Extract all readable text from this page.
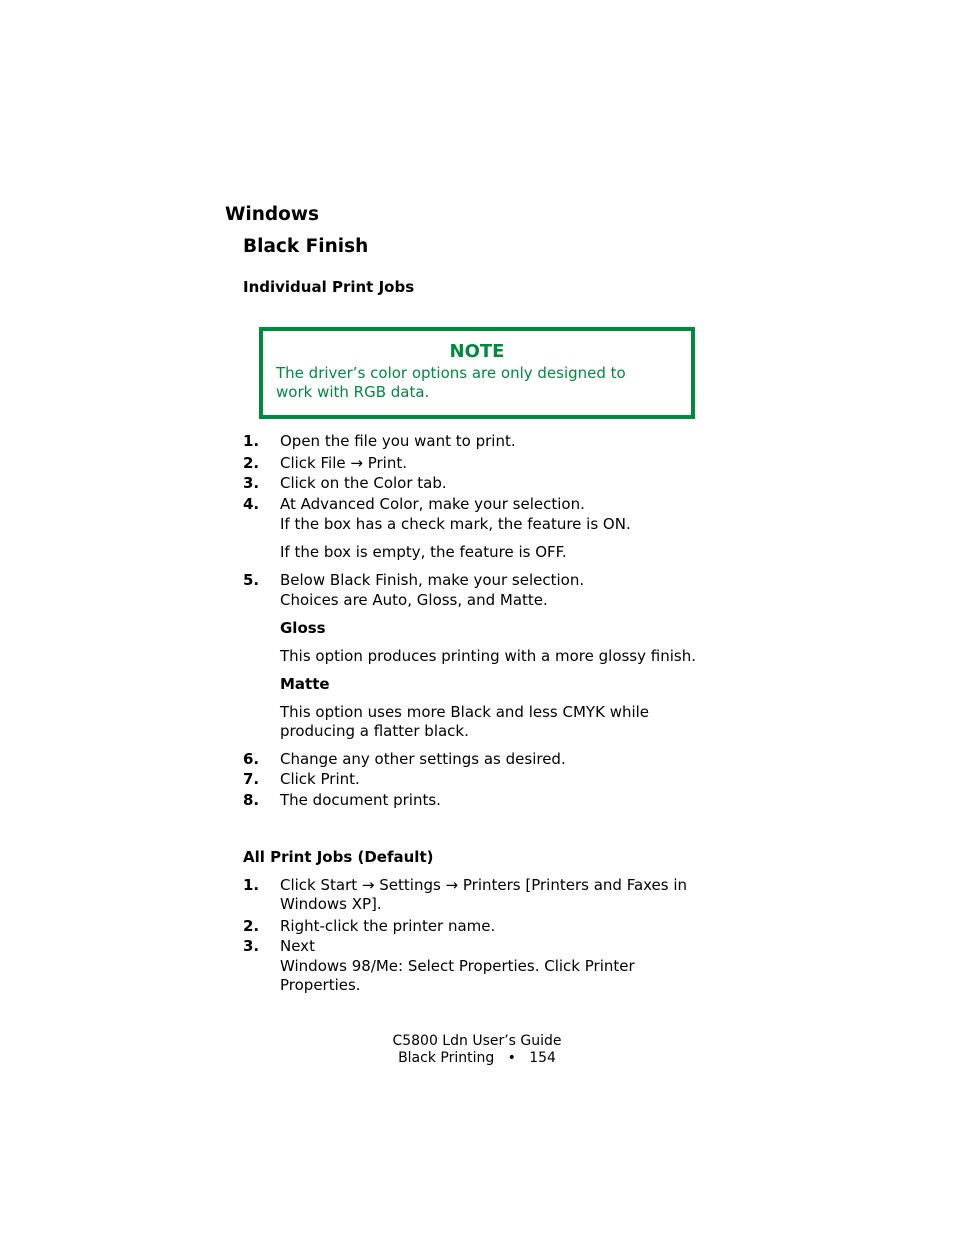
Windows
Black Finish
Individual Print Jobs
NOTE
The driver’s color options are only designed to
work with RGB data.
1. Open the file you want to print.
2. Click File → Print.
3. Click on the Color tab.
4. At Advanced Color, make your selection.
If the box has a check mark, the feature is ON.
If the box is empty, the feature is OFF.
5. Below Black Finish, make your selection.
Choices are Auto, Gloss, and Matte.
Gloss
This option produces printing with a more glossy finish.
Matte
This option uses more Black and less CMYK while
producing a flatter black.
6. Change any other settings as desired.
7. Click Print.
8. The document prints.
All Print Jobs (Default)
1. Click Start → Settings → Printers [Printers and Faxes in
Windows XP].
2. Right-click the printer name.
3. Next
Windows 98/Me: Select Properties. Click Printer
Properties.
C5800 Ldn User’s Guide
Black Printing   •   154
